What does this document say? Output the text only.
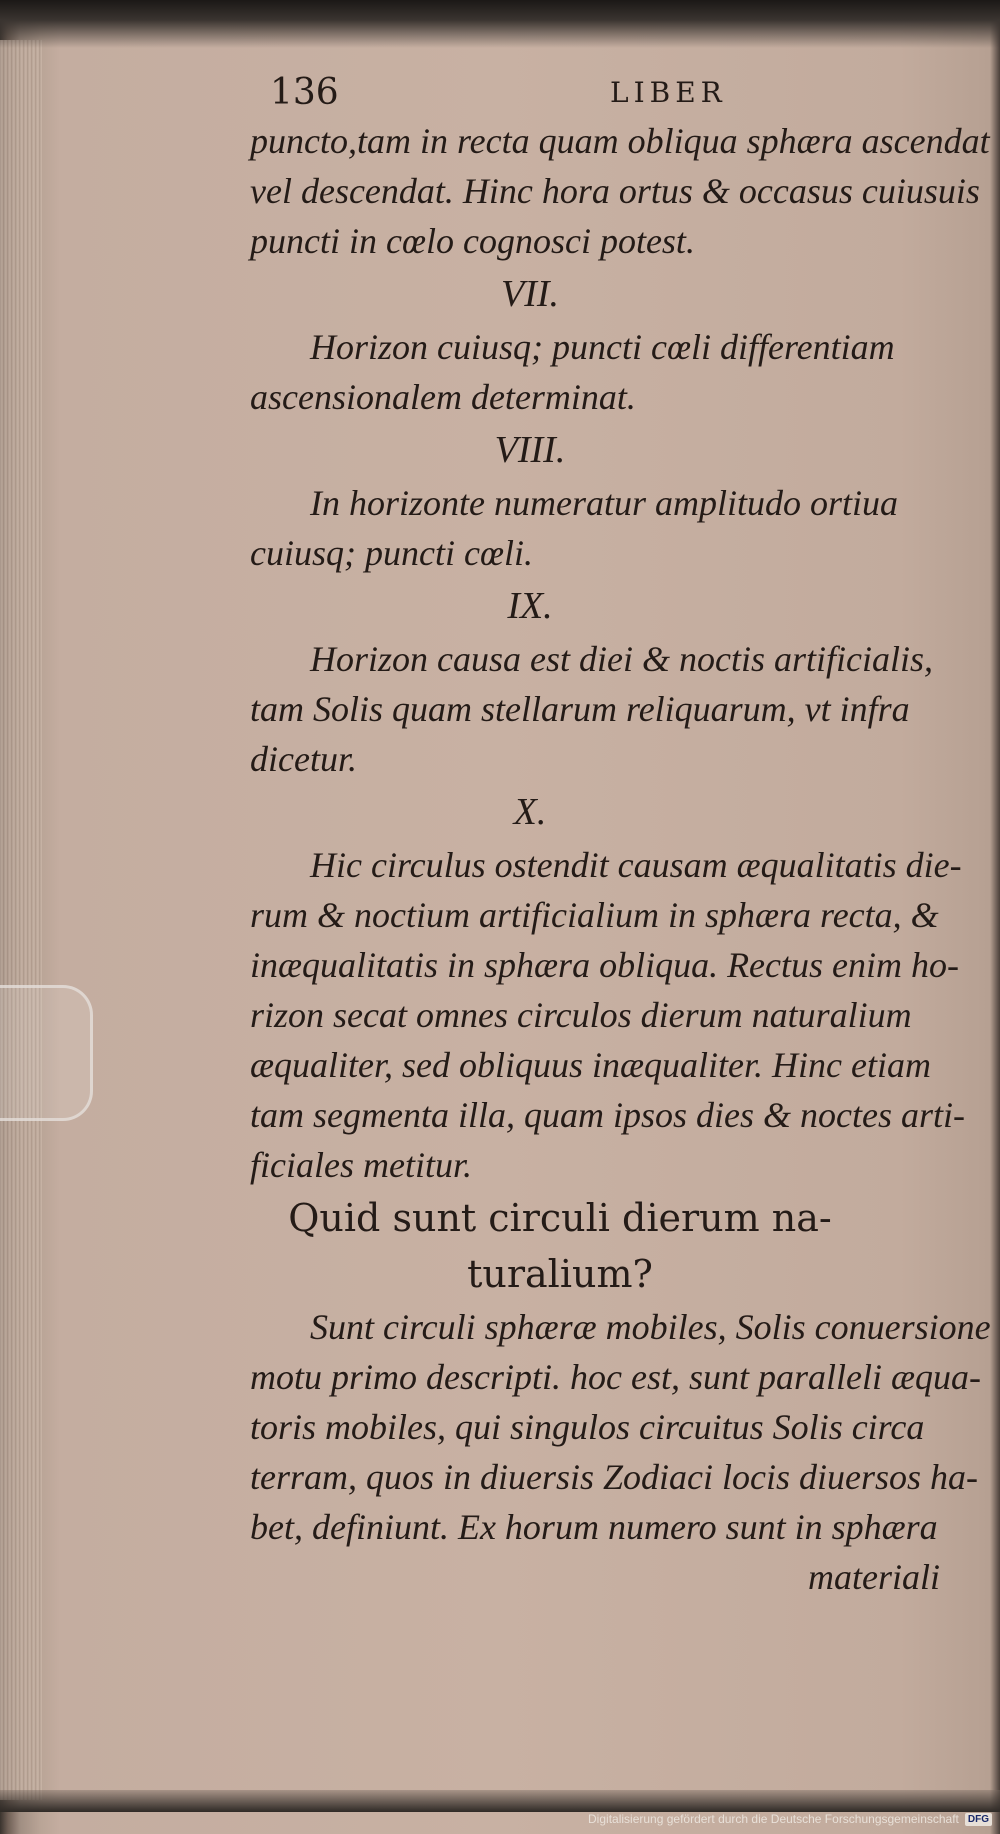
136	LIBER
puncto,tam in recta quam obliqua sphæra ascendat
vel descendat. Hinc hora ortus & occasus cuiusuis
puncti in cœlo cognosci potest.
VII.
Horizon cuiusq; puncti cœli differentiam
ascensionalem determinat.
VIII.
In horizonte numeratur amplitudo ortiua
cuiusq; puncti cœli.
IX.
Horizon causa est diei & noctis artificialis,
tam Solis quam stellarum reliquarum, vt infra
dicetur.
X.
Hic circulus ostendit causam æqualitatis die-
rum & noctium artificialium in sphæra recta, &
inæqualitatis in sphæra obliqua. Rectus enim ho-
rizon secat omnes circulos dierum naturalium
æqualiter, sed obliquus inæqualiter. Hinc etiam
tam segmenta illa, quam ipsos dies & noctes arti-
ficiales metitur.
Quid sunt circuli dierum na-
turalium?
Sunt circuli sphæræ mobiles, Solis conuersione
motu primo descripti. hoc est, sunt paralleli æqua-
toris mobiles, qui singulos circuitus Solis circa
terram, quos in diuersis Zodiaci locis diuersos ha-
bet, definiunt. Ex horum numero sunt in sphæra
materiali
Digitalisierung gefördert durch die Deutsche Forschungsgemeinschaft DFG
